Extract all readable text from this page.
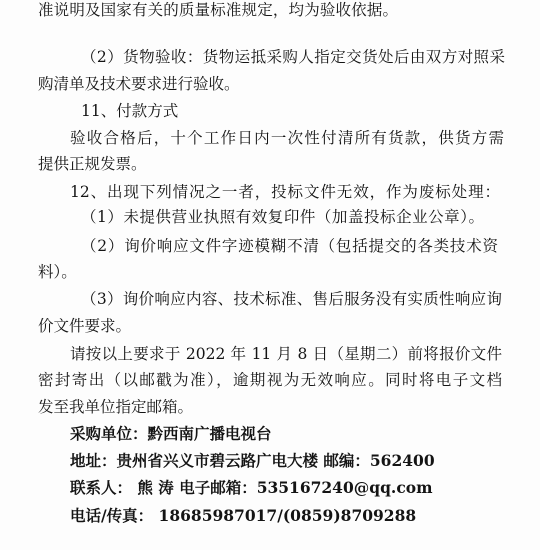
准说明及国家有关的质量标准规定，均为验收依据。
（2）货物验收：货物运抵采购人指定交货处后由双方对照采
购清单及技术要求进行验收。
11、付款方式
验收合格后，十个工作日内一次性付清所有货款，供货方需
提供正规发票。
12、出现下列情况之一者，投标文件无效，作为废标处理：
（1）未提供营业执照有效复印件（加盖投标企业公章）。
（2）询价响应文件字迹模糊不清（包括提交的各类技术资
料）。
（3）询价响应内容、技术标准、售后服务没有实质性响应询
价文件要求。
请按以上要求于 2022 年 11 月 8 日（星期二）前将报价文件
密封寄出（以邮戳为准），逾期视为无效响应。同时将电子文档
发至我单位指定邮箱。
采购单位：黔西南广播电视台
地址：贵州省兴义市碧云路广电大楼 邮编：562400
联系人： 熊 涛 电子邮箱：535167240@qq.com
电话/传真： 18685987017/(0859)8709288
